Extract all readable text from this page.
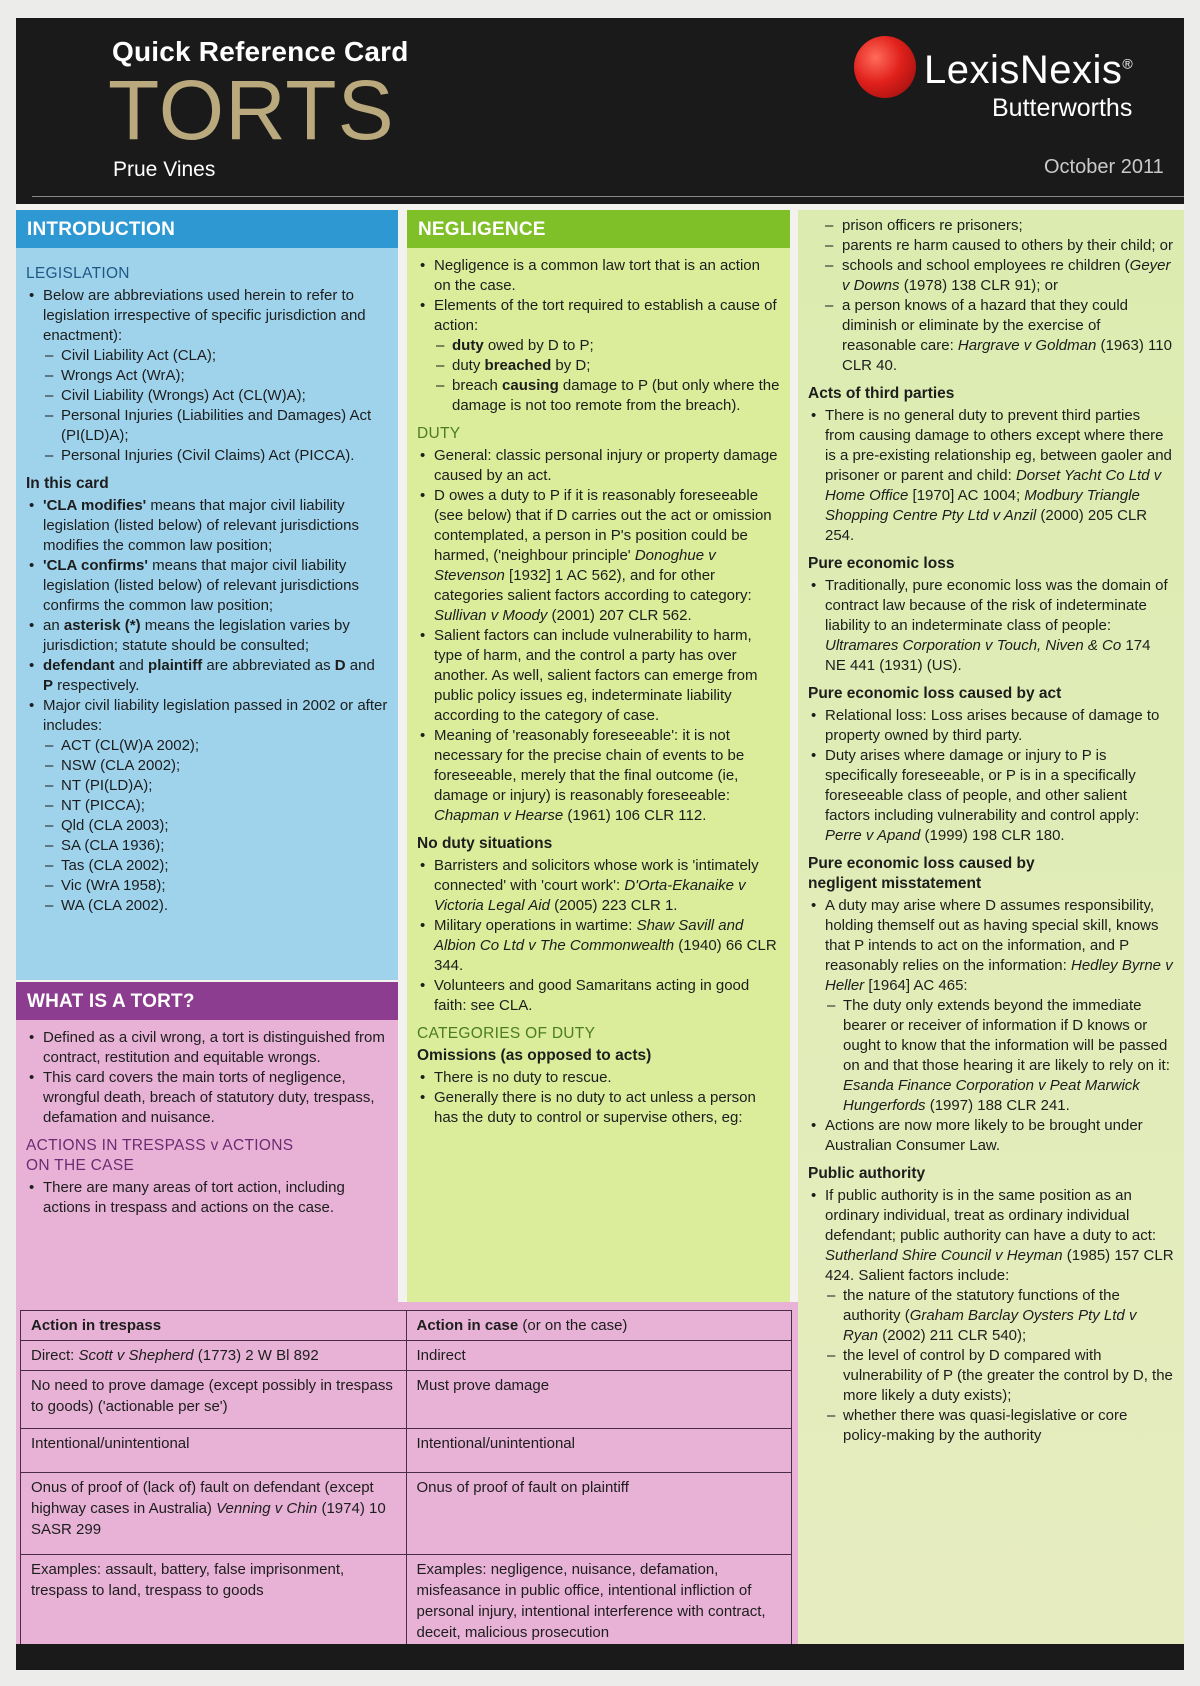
Quick Reference Card
TORTS
Prue Vines
LexisNexis®
Butterworths
October 2011
INTRODUCTION
LEGISLATION
• Below are abbreviations used herein to refer to legislation irrespective of specific jurisdiction and enactment):
– Civil Liability Act (CLA);
– Wrongs Act (WrA);
– Civil Liability (Wrongs) Act (CL(W)A);
– Personal Injuries (Liabilities and Damages) Act (PI(LD)A);
– Personal Injuries (Civil Claims) Act (PICCA).
In this card
• 'CLA modifies' means that major civil liability legislation (listed below) of relevant jurisdictions modifies the common law position;
• 'CLA confirms' means that major civil liability legislation (listed below) of relevant jurisdictions confirms the common law position;
• an asterisk (*) means the legislation varies by jurisdiction; statute should be consulted;
• defendant and plaintiff are abbreviated as D and P respectively.
• Major civil liability legislation passed in 2002 or after includes:
– ACT (CL(W)A 2002);
– NSW (CLA 2002);
– NT (PI(LD)A);
– NT (PICCA);
– Qld (CLA 2003);
– SA (CLA 1936);
– Tas (CLA 2002);
– Vic (WrA 1958);
– WA (CLA 2002).
WHAT IS A TORT?
• Defined as a civil wrong, a tort is distinguished from contract, restitution and equitable wrongs.
• This card covers the main torts of negligence, wrongful death, breach of statutory duty, trespass, defamation and nuisance.
ACTIONS IN TRESPASS v ACTIONS
ON THE CASE
• There are many areas of tort action, including actions in trespass and actions on the case.
Action in trespass	Action in case (or on the case)
Direct: Scott v Shepherd (1773) 2 W Bl 892	Indirect
No need to prove damage (except possibly in trespass to goods) ('actionable per se')	Must prove damage
Intentional/unintentional	Intentional/unintentional
Onus of proof of (lack of) fault on defendant (except highway cases in Australia) Venning v Chin (1974) 10 SASR 299	Onus of proof of fault on plaintiff
Examples: assault, battery, false imprisonment, trespass to land, trespass to goods	Examples: negligence, nuisance, defamation, misfeasance in public office, intentional infliction of personal injury, intentional interference with contract, deceit, malicious prosecution
NEGLIGENCE
• Negligence is a common law tort that is an action on the case.
• Elements of the tort required to establish a cause of action:
– duty owed by D to P;
– duty breached by D;
– breach causing damage to P (but only where the damage is not too remote from the breach).
DUTY
• General: classic personal injury or property damage caused by an act.
• D owes a duty to P if it is reasonably foreseeable (see below) that if D carries out the act or omission contemplated, a person in P's position could be harmed, ('neighbour principle' Donoghue v Stevenson [1932] 1 AC 562), and for other categories salient factors according to category: Sullivan v Moody (2001) 207 CLR 562.
• Salient factors can include vulnerability to harm, type of harm, and the control a party has over another. As well, salient factors can emerge from public policy issues eg, indeterminate liability according to the category of case.
• Meaning of 'reasonably foreseeable': it is not necessary for the precise chain of events to be foreseeable, merely that the final outcome (ie, damage or injury) is reasonably foreseeable: Chapman v Hearse (1961) 106 CLR 112.
No duty situations
• Barristers and solicitors whose work is 'intimately connected' with 'court work': D'Orta-Ekanaike v Victoria Legal Aid (2005) 223 CLR 1.
• Military operations in wartime: Shaw Savill and Albion Co Ltd v The Commonwealth (1940) 66 CLR 344.
• Volunteers and good Samaritans acting in good faith: see CLA.
CATEGORIES OF DUTY
Omissions (as opposed to acts)
• There is no duty to rescue.
• Generally there is no duty to act unless a person has the duty to control or supervise others, eg:
– prison officers re prisoners;
– parents re harm caused to others by their child; or
– schools and school employees re children (Geyer v Downs (1978) 138 CLR 91); or
– a person knows of a hazard that they could diminish or eliminate by the exercise of reasonable care: Hargrave v Goldman (1963) 110 CLR 40.
Acts of third parties
• There is no general duty to prevent third parties from causing damage to others except where there is a pre-existing relationship eg, between gaoler and prisoner or parent and child: Dorset Yacht Co Ltd v Home Office [1970] AC 1004; Modbury Triangle Shopping Centre Pty Ltd v Anzil (2000) 205 CLR 254.
Pure economic loss
• Traditionally, pure economic loss was the domain of contract law because of the risk of indeterminate liability to an indeterminate class of people: Ultramares Corporation v Touch, Niven & Co 174 NE 441 (1931) (US).
Pure economic loss caused by act
• Relational loss: Loss arises because of damage to property owned by third party.
• Duty arises where damage or injury to P is specifically foreseeable, or P is in a specifically foreseeable class of people, and other salient factors including vulnerability and control apply: Perre v Apand (1999) 198 CLR 180.
Pure economic loss caused by
negligent misstatement
• A duty may arise where D assumes responsibility, holding themself out as having special skill, knows that P intends to act on the information, and P reasonably relies on the information: Hedley Byrne v Heller [1964] AC 465:
– The duty only extends beyond the immediate bearer or receiver of information if D knows or ought to know that the information will be passed on and that those hearing it are likely to rely on it: Esanda Finance Corporation v Peat Marwick Hungerfords (1997) 188 CLR 241.
• Actions are now more likely to be brought under Australian Consumer Law.
Public authority
• If public authority is in the same position as an ordinary individual, treat as ordinary individual defendant; public authority can have a duty to act: Sutherland Shire Council v Heyman (1985) 157 CLR 424. Salient factors include:
– the nature of the statutory functions of the authority (Graham Barclay Oysters Pty Ltd v Ryan (2002) 211 CLR 540);
– the level of control by D compared with vulnerability of P (the greater the control by D, the more likely a duty exists);
– whether there was quasi-legislative or core policy-making by the authority
